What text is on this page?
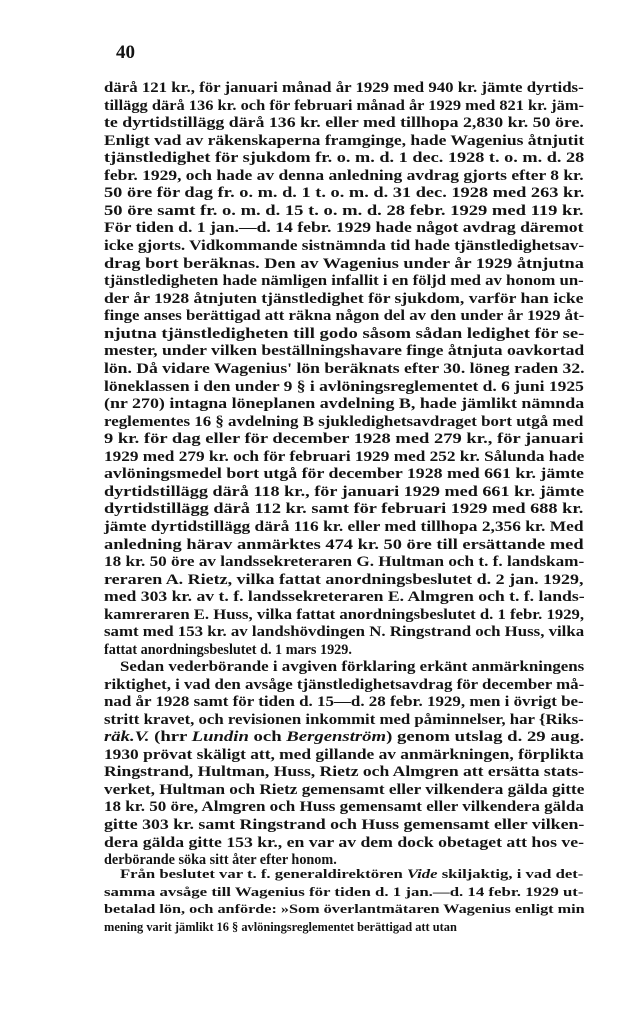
40

därå 121 kr., för januari månad år 1929 med 940 kr. jämte dyrtids-
tillägg därå 136 kr. och för februari månad år 1929 med 821 kr. jäm-
te dyrtidstillägg därå 136 kr. eller med tillhopa 2,830 kr. 50 öre.
Enligt vad av räkenskaperna framginge, hade Wagenius åtnjutit
tjänstledighet för sjukdom fr. o. m. d. 1 dec. 1928 t. o. m. d. 28
febr. 1929, och hade av denna anledning avdrag gjorts efter 8 kr.
50 öre för dag fr. o. m. d. 1 t. o. m. d. 31 dec. 1928 med 263 kr.
50 öre samt fr. o. m. d. 15 t. o. m. d. 28 febr. 1929 med 119 kr.
För tiden d. 1 jan.—d. 14 febr. 1929 hade något avdrag däremot
icke gjorts. Vidkommande sistnämnda tid hade tjänstledighetsav-
drag bort beräknas. Den av Wagenius under år 1929 åtnjutna
tjänstledigheten hade nämligen infallit i en följd med av honom un-
der år 1928 åtnjuten tjänstledighet för sjukdom, varför han icke
finge anses berättigad att räkna någon del av den under år 1929 åt-
njutna tjänstledigheten till godo såsom sådan ledighet för se-
mester, under vilken beställningshavare finge åtnjuta oavkortad
lön. Då vidare Wagenius' lön beräknats efter 30. löneg raden 32.
löneklassen i den under 9 § i avlöningsreglementet d. 6 juni 1925
(nr 270) intagna löneplanen avdelning B, hade jämlikt nämnda
reglementes 16 § avdelning B sjukledighetsavdraget bort utgå med
9 kr. för dag eller för december 1928 med 279 kr., för januari
1929 med 279 kr. och för februari 1929 med 252 kr. Sålunda hade
avlöningsmedel bort utgå för december 1928 med 661 kr. jämte
dyrtidstillägg därå 118 kr., för januari 1929 med 661 kr. jämte
dyrtidstillägg därå 112 kr. samt för februari 1929 med 688 kr.
jämte dyrtidstillägg därå 116 kr. eller med tillhopa 2,356 kr. Med
anledning härav anmärktes 474 kr. 50 öre till ersättande med
18 kr. 50 öre av landssekreteraren G. Hultman och t. f. landskam-
reraren A. Rietz, vilka fattat anordningsbeslutet d. 2 jan. 1929,
med 303 kr. av t. f. landssekreteraren E. Almgren och t. f. lands-
kamreraren E. Huss, vilka fattat anordningsbeslutet d. 1 febr. 1929,
samt med 153 kr. av landshövdingen N. Ringstrand och Huss, vilka
fattat anordningsbeslutet d. 1 mars 1929.
Sedan vederbörande i avgiven förklaring erkänt anmärkningens
riktighet, i vad den avsåge tjänstledighetsavdrag för december må-
nad år 1928 samt för tiden d. 15—d. 28 febr. 1929, men i övrigt be-
stritt kravet, och revisionen inkommit med påminnelser, har {Riks-
räk.V. (hrr Lundin och Bergenström) genom utslag d. 29 aug.
1930 prövat skäligt att, med gillande av anmärkningen, förplikta
Ringstrand, Hultman, Huss, Rietz och Almgren att ersätta stats-
verket, Hultman och Rietz gemensamt eller vilkendera gälda gitte
18 kr. 50 öre, Almgren och Huss gemensamt eller vilkendera gälda
gitte 303 kr. samt Ringstrand och Huss gemensamt eller vilken-
dera gälda gitte 153 kr., en var av dem dock obetaget att hos ve-
derbörande söka sitt åter efter honom.
Från beslutet var t. f. generaldirektören Vide skiljaktig, i vad det-
samma avsåge till Wagenius för tiden d. 1 jan.—d. 14 febr. 1929 ut-
betalad lön, och anförde: »Som överlantmätaren Wagenius enligt min
mening varit jämlikt 16 § avlöningsreglementet berättigad att utan
